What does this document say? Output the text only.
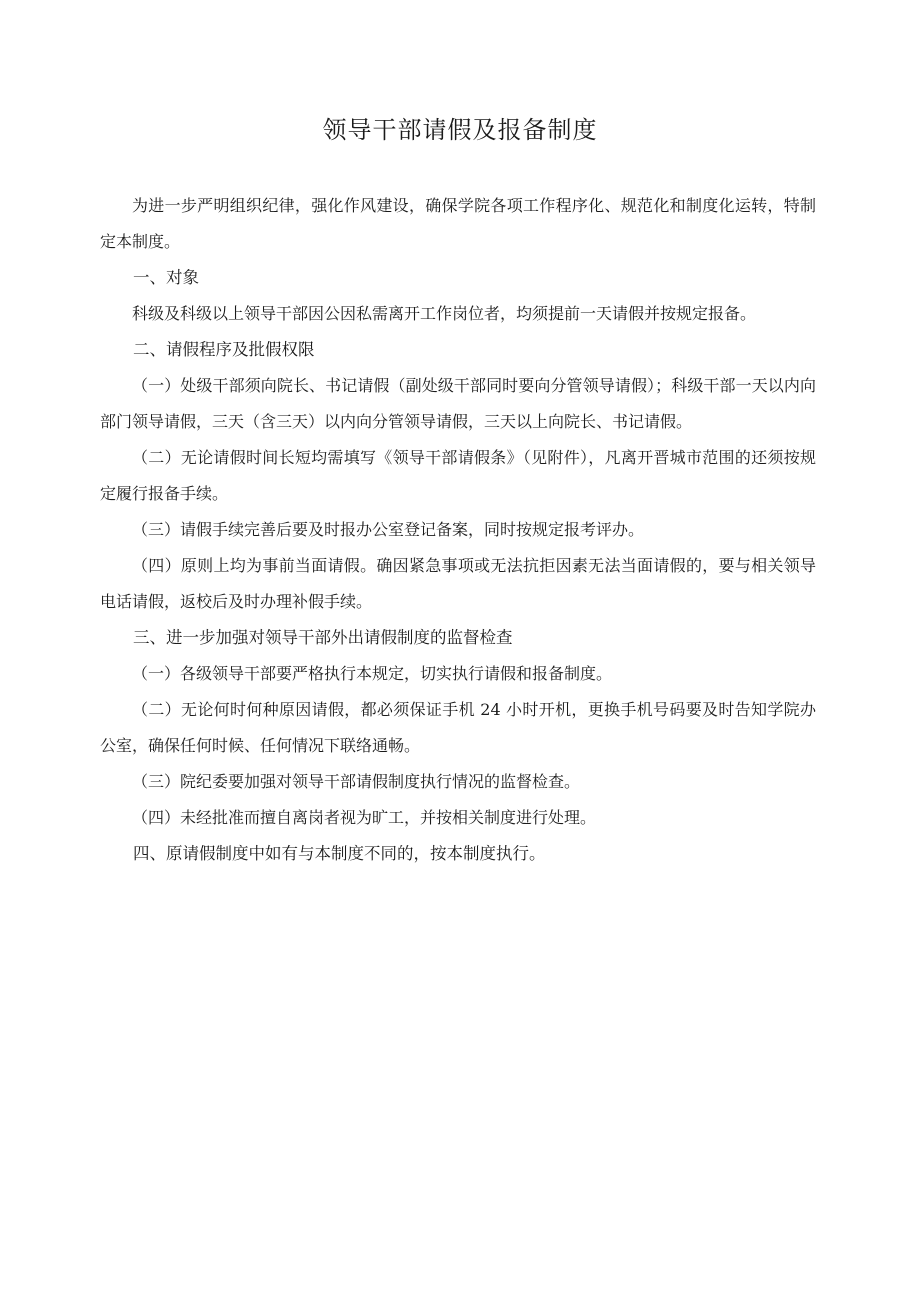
领导干部请假及报备制度

为进一步严明组织纪律，强化作风建设，确保学院各项工作程序化、规范化和制度化运转，特制定本制度。

一、对象

科级及科级以上领导干部因公因私需离开工作岗位者，均须提前一天请假并按规定报备。

二、请假程序及批假权限

（一）处级干部须向院长、书记请假（副处级干部同时要向分管领导请假）；科级干部一天以内向部门领导请假，三天（含三天）以内向分管领导请假，三天以上向院长、书记请假。

（二）无论请假时间长短均需填写《领导干部请假条》（见附件），凡离开晋城市范围的还须按规定履行报备手续。

（三）请假手续完善后要及时报办公室登记备案，同时按规定报考评办。

（四）原则上均为事前当面请假。确因紧急事项或无法抗拒因素无法当面请假的，要与相关领导电话请假，返校后及时办理补假手续。

三、进一步加强对领导干部外出请假制度的监督检查

（一）各级领导干部要严格执行本规定，切实执行请假和报备制度。

（二）无论何时何种原因请假，都必须保证手机 24 小时开机，更换手机号码要及时告知学院办公室，确保任何时候、任何情况下联络通畅。

（三）院纪委要加强对领导干部请假制度执行情况的监督检查。

（四）未经批准而擅自离岗者视为旷工，并按相关制度进行处理。

四、原请假制度中如有与本制度不同的，按本制度执行。
